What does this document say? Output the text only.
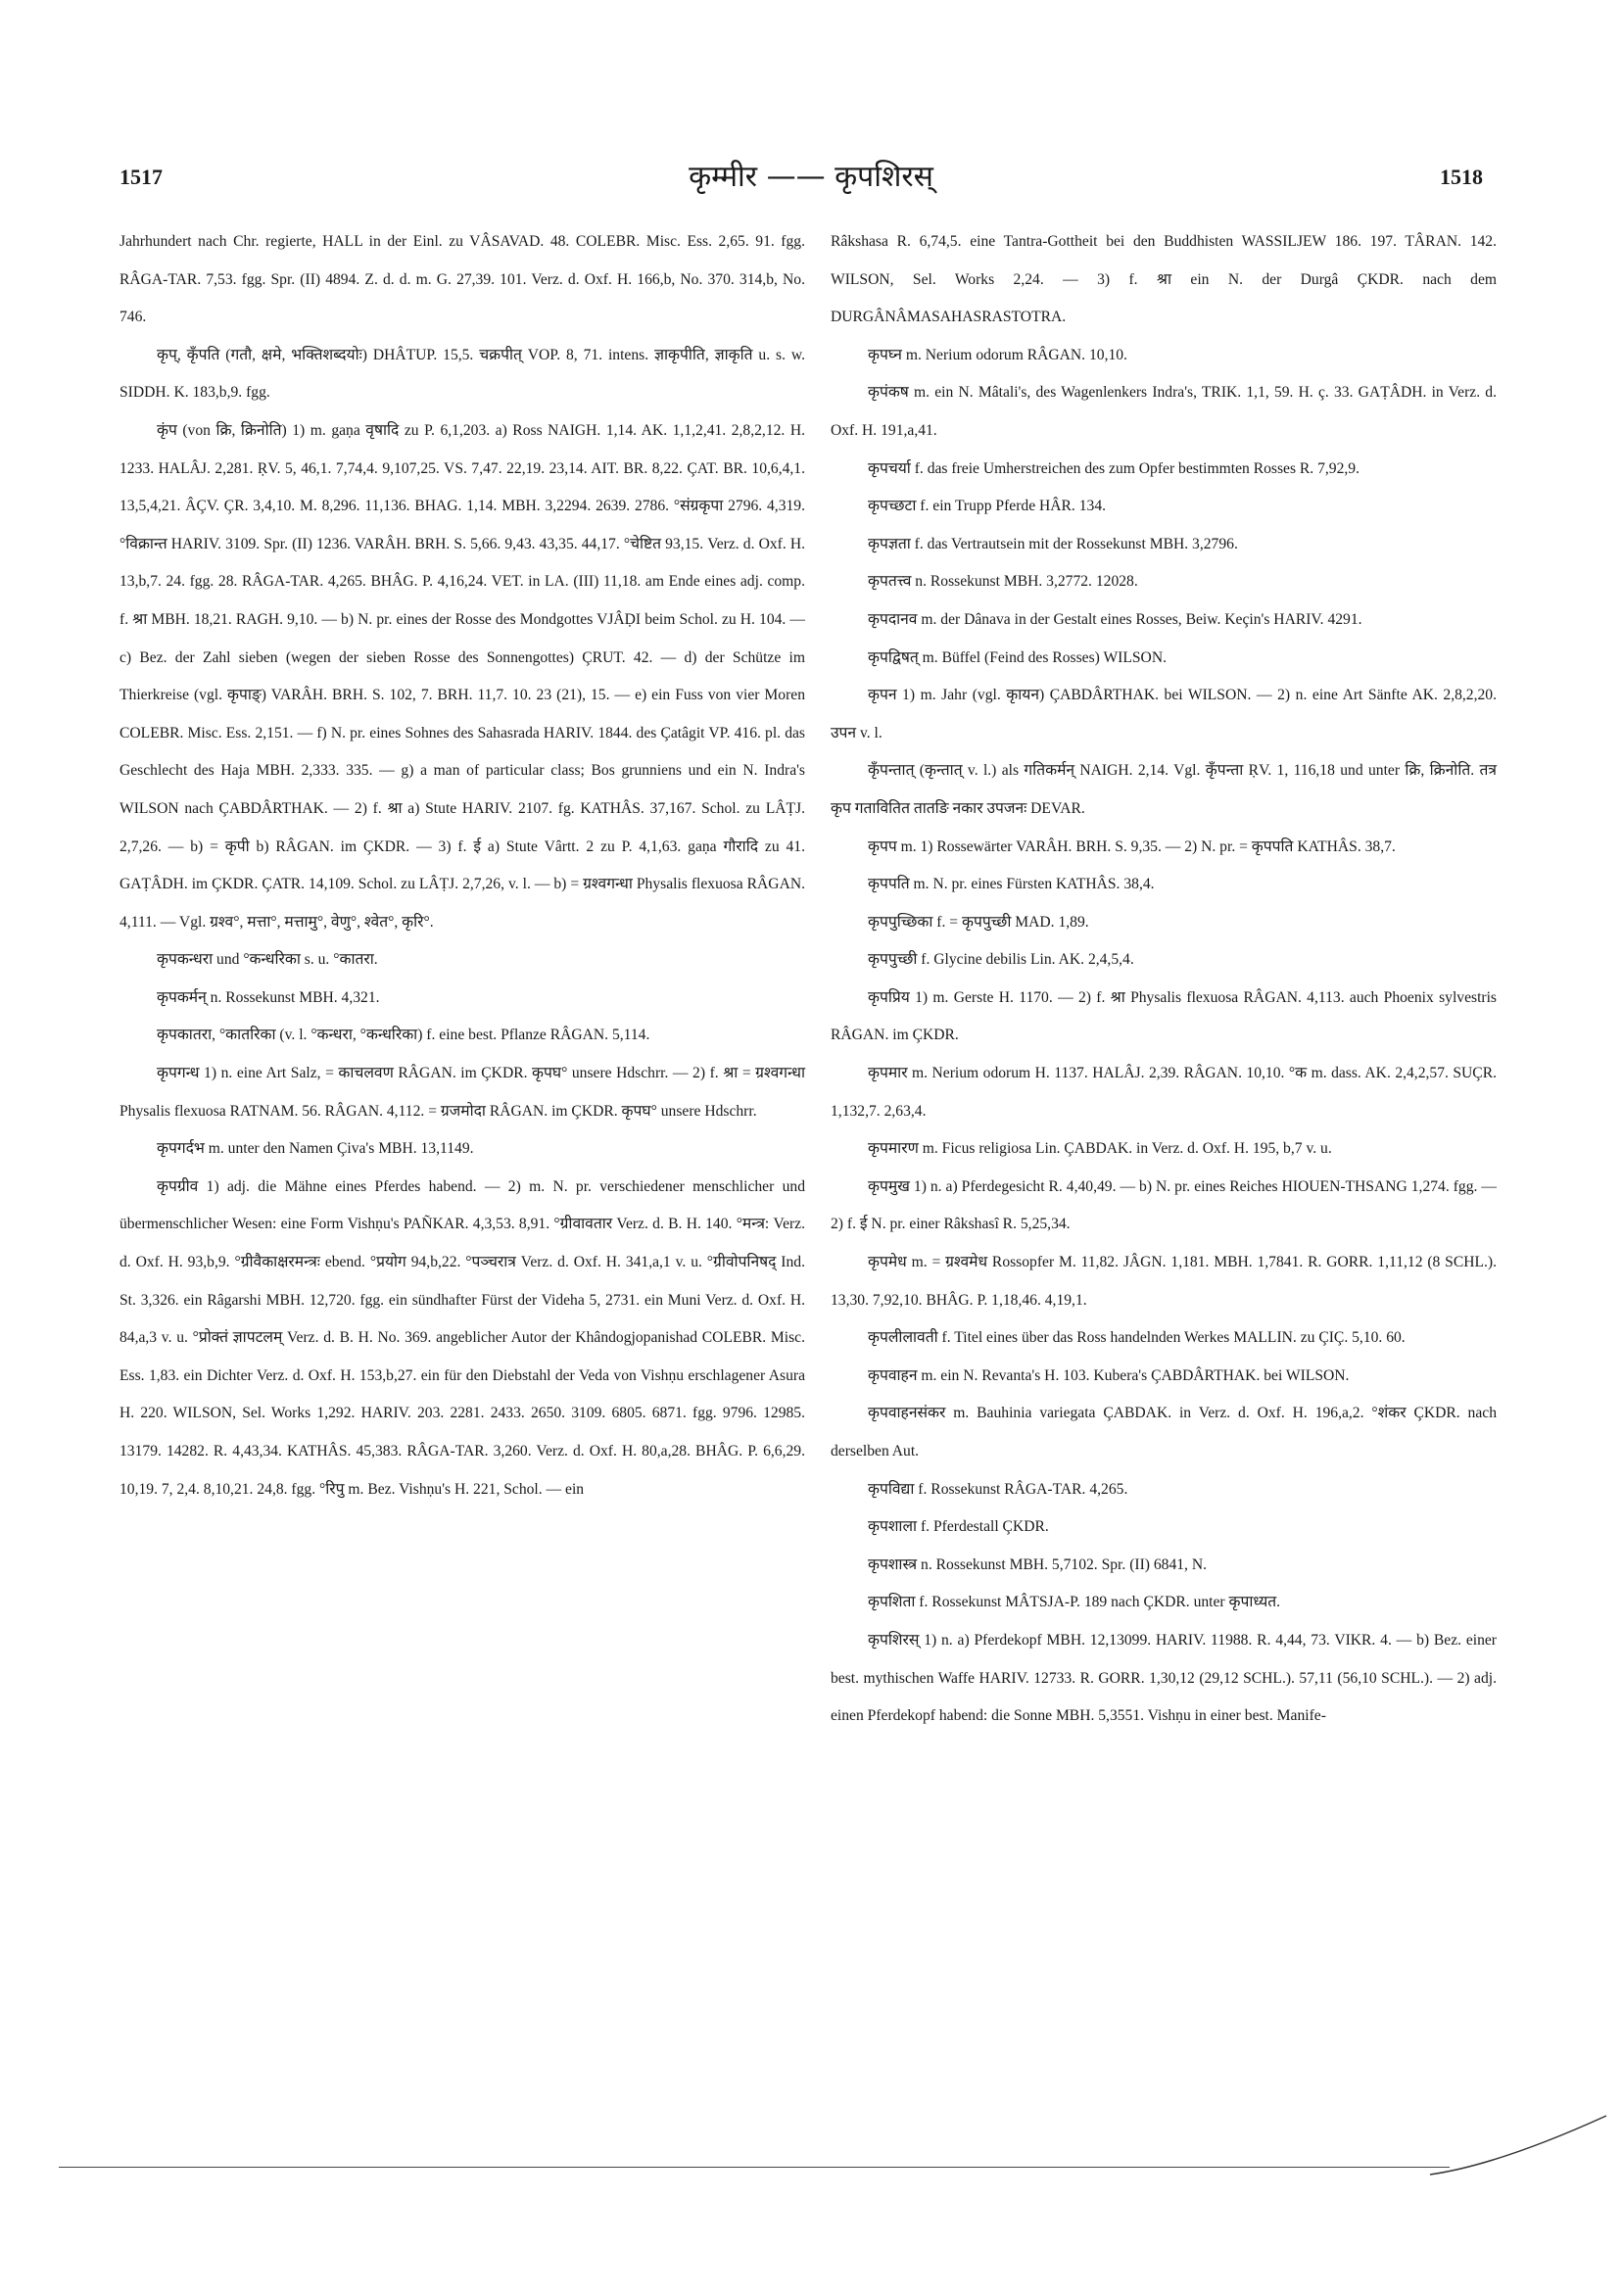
1517	कृम्मीर —— कृपशिरस्	1518

Jahrhundert nach Chr. regierte, HALL in der Einl. zu VÂSAVAD. 48. COLEBR. Misc. Ess. 2,65. 91. fgg. RÂGA-TAR. 7,53. fgg. Spr. (II) 4894. Z. d. d. m. G. 27,39. 101. Verz. d. Oxf. H. 166,b, No. 370. 314,b, No. 746.

कृप्, कृँपति (गतौ, क्षमे, भक्तिशब्दयोः) DHÂTUP. 15,5. चक्रपीत् VOP. 8, 71. intens. ज्ञाकृपीति, ज्ञाकृति u. s. w. SIDDH. K. 183,b,9. fgg.

कृंप (von क्रि, क्रिनोति) 1) m. gaṇa वृषादि zu P. 6,1,203. a) Ross NAIGH. 1,14. AK. 1,1,2,41. 2,8,2,12. H. 1233. HALÂJ. 2,281. ṚV. 5, 46,1. 7,74,4. 9,107,25. VS. 7,47. 22,19. 23,14. AIT. BR. 8,22. ÇAT. BR. 10,6,4,1. 13,5,4,21. ÂÇV. ÇR. 3,4,10. M. 8,296. 11,136. BHAG. 1,14. MBH. 3,2294. 2639. 2786. °संग्रकृपा 2796. 4,319. °विक्रान्त HARIV. 3109. Spr. (II) 1236. VARÂH. BRH. S. 5,66. 9,43. 43,35. 44,17. °चेष्टित 93,15. Verz. d. Oxf. H. 13,b,7. 24. fgg. 28. RÂGA-TAR. 4,265. BHÂG. P. 4,16,24. VET. in LA. (III) 11,18. am Ende eines adj. comp. f. श्रा MBH. 18,21. RAGH. 9,10. — b) N. pr. eines der Rosse des Mondgottes VJÂḌI beim Schol. zu H. 104. — c) Bez. der Zahl sieben (wegen der sieben Rosse des Sonnengottes) ÇRUT. 42. — d) der Schütze im Thierkreise (vgl. कृपाङ्) VARÂH. BRH. S. 102, 7. BRH. 11,7. 10. 23 (21), 15. — e) ein Fuss von vier Moren COLEBR. Misc. Ess. 2,151. — f) N. pr. eines Sohnes des Sahasrada HARIV. 1844. des Çatâgit VP. 416. pl. das Geschlecht des Haja MBH. 2,333. 335. — g) a man of particular class; Bos grunniens und ein N. Indra's WILSON nach ÇABDÂRTHAK. — 2) f. श्रा a) Stute HARIV. 2107. fg. KATHÂS. 37,167. Schol. zu LÂṬJ. 2,7,26. — b) = कृपी b) RÂGAN. im ÇKDR. — 3) f. ई a) Stute Vârtt. 2 zu P. 4,1,63. gaṇa गौरादि zu 41. GAṬÂDH. im ÇKDR. ÇATR. 14,109. Schol. zu LÂṬJ. 2,7,26, v. l. — b) = ग्रश्वगन्धा Physalis flexuosa RÂGAN. 4,111. — Vgl. ग्रश्व°, मत्ता°, मत्तामु°, वेणु°, श्वेत°, कृरि°.

कृपकन्धरा und °कन्धरिका s. u. °कातरा.

कृपकर्मन् n. Rossekunst MBH. 4,321.

कृपकातरा, °कातरिका (v. l. °कन्धरा, °कन्धरिका) f. eine best. Pflanze RÂGAN. 5,114.

कृपगन्ध 1) n. eine Art Salz, = काचलवण RÂGAN. im ÇKDR. कृपघ° unsere Hdschrr. — 2) f. श्रा = ग्रश्वगन्धा Physalis flexuosa RATNAM. 56. RÂGAN. 4,112. = ग्रजमोदा RÂGAN. im ÇKDR. कृपघ° unsere Hdschrr.

कृपगर्दभ m. unter den Namen Çiva's MBH. 13,1149.

कृपग्रीव 1) adj. die Mähne eines Pferdes habend. — 2) m. N. pr. verschiedener menschlicher und übermenschlicher Wesen: eine Form Vishṇu's PAÑKAR. 4,3,53. 8,91. °ग्रीवावतार Verz. d. B. H. 140. °मन्त्र: Verz. d. Oxf. H. 93,b,9. °ग्रीवैकाक्षरमन्त्रः ebend. °प्रयोग 94,b,22. °पञ्चरात्र Verz. d. Oxf. H. 341,a,1 v. u. °ग्रीवोपनिषद् Ind. St. 3,326. ein Râgarshi MBH. 12,720. fgg. ein sündhafter Fürst der Videha 5, 2731. ein Muni Verz. d. Oxf. H. 84,a,3 v. u. °प्रोक्तं ज्ञापटलम् Verz. d. B. H. No. 369. angeblicher Autor der Khândogjopanishad COLEBR. Misc. Ess. 1,83. ein Dichter Verz. d. Oxf. H. 153,b,27. ein für den Diebstahl der Veda von Vishṇu erschlagener Asura H. 220. WILSON, Sel. Works 1,292. HARIV. 203. 2281. 2433. 2650. 3109. 6805. 6871. fgg. 9796. 12985. 13179. 14282. R. 4,43,34. KATHÂS. 45,383. RÂGA-TAR. 3,260. Verz. d. Oxf. H. 80,a,28. BHÂG. P. 6,6,29. 10,19. 7, 2,4. 8,10,21. 24,8. fgg. °रिपु m. Bez. Vishṇu's H. 221, Schol. — ein

Râkshasa R. 6,74,5. eine Tantra-Gottheit bei den Buddhisten WASSILJEW 186. 197. TÂRAN. 142. WILSON, Sel. Works 2,24. — 3) f. श्रा ein N. der Durgâ ÇKDR. nach dem DURGÂNÂMASAHASRASTOTRA.

कृपघ्न m. Nerium odorum RÂGAN. 10,10.

कृपंकष m. ein N. Mâtali's, des Wagenlenkers Indra's, TRIK. 1,1, 59. H. ç. 33. GAṬÂDH. in Verz. d. Oxf. H. 191,a,41.

कृपचर्या f. das freie Umherstreichen des zum Opfer bestimmten Rosses R. 7,92,9.

कृपच्छटा f. ein Trupp Pferde HÂR. 134.

कृपज्ञता f. das Vertrautsein mit der Rossekunst MBH. 3,2796.

कृपतत्त्व n. Rossekunst MBH. 3,2772. 12028.

कृपदानव m. der Dânava in der Gestalt eines Rosses, Beiw. Keçin's HARIV. 4291.

कृपद्विषत् m. Büffel (Feind des Rosses) WILSON.

कृपन 1) m. Jahr (vgl. कृायन) ÇABDÂRTHAK. bei WILSON. — 2) n. eine Art Sänfte AK. 2,8,2,20. उपन v. l.

कृँपन्तात् (कृन्तात् v. l.) als गतिकर्मन् NAIGH. 2,14. Vgl. कृँपन्ता ṚV. 1, 116,18 und unter क्रि, क्रिनोति. तत्र कृप गतावितित तातङि नकार उपजनः DEVAR.

कृपप m. 1) Rossewärter VARÂH. BRH. S. 9,35. — 2) N. pr. = कृपपति KATHÂS. 38,7.

कृपपति m. N. pr. eines Fürsten KATHÂS. 38,4.

कृपपुच्छिका f. = कृपपुच्छी MAD. 1,89.

कृपपुच्छी f. Glycine debilis Lin. AK. 2,4,5,4.

कृपप्रिय 1) m. Gerste H. 1170. — 2) f. श्रा Physalis flexuosa RÂGAN. 4,113. auch Phoenix sylvestris RÂGAN. im ÇKDR.

कृपमार m. Nerium odorum H. 1137. HALÂJ. 2,39. RÂGAN. 10,10. °क m. dass. AK. 2,4,2,57. SUÇR. 1,132,7. 2,63,4.

कृपमारण m. Ficus religiosa Lin. ÇABDAK. in Verz. d. Oxf. H. 195, b,7 v. u.

कृपमुख 1) n. a) Pferdegesicht R. 4,40,49. — b) N. pr. eines Reiches HIOUEN-THSANG 1,274. fgg. — 2) f. ई N. pr. einer Râkshasî R. 5,25,34.

कृपमेध m. = ग्रश्वमेध Rossopfer M. 11,82. JÂGN. 1,181. MBH. 1,7841. R. GORR. 1,11,12 (8 SCHL.). 13,30. 7,92,10. BHÂG. P. 1,18,46. 4,19,1.

कृपलीलावती f. Titel eines über das Ross handelnden Werkes MALLIN. zu ÇIÇ. 5,10. 60.

कृपवाहन m. ein N. Revanta's H. 103. Kubera's ÇABDÂRTHAK. bei WILSON.

कृपवाहनसंकर m. Bauhinia variegata ÇABDAK. in Verz. d. Oxf. H. 196,a,2. °शंकर ÇKDR. nach derselben Aut.

कृपविद्या f. Rossekunst RÂGA-TAR. 4,265.

कृपशाला f. Pferdestall ÇKDR.

कृपशास्त्र n. Rossekunst MBH. 5,7102. Spr. (II) 6841, N.

कृपशिता f. Rossekunst MÂTSJA-P. 189 nach ÇKDR. unter कृपाध्यत.

कृपशिरस् 1) n. a) Pferdekopf MBH. 12,13099. HARIV. 11988. R. 4,44, 73. VIKR. 4. — b) Bez. einer best. mythischen Waffe HARIV. 12733. R. GORR. 1,30,12 (29,12 SCHL.). 57,11 (56,10 SCHL.). — 2) adj. einen Pferdekopf habend: die Sonne MBH. 5,3551. Vishṇu in einer best. Manife-
